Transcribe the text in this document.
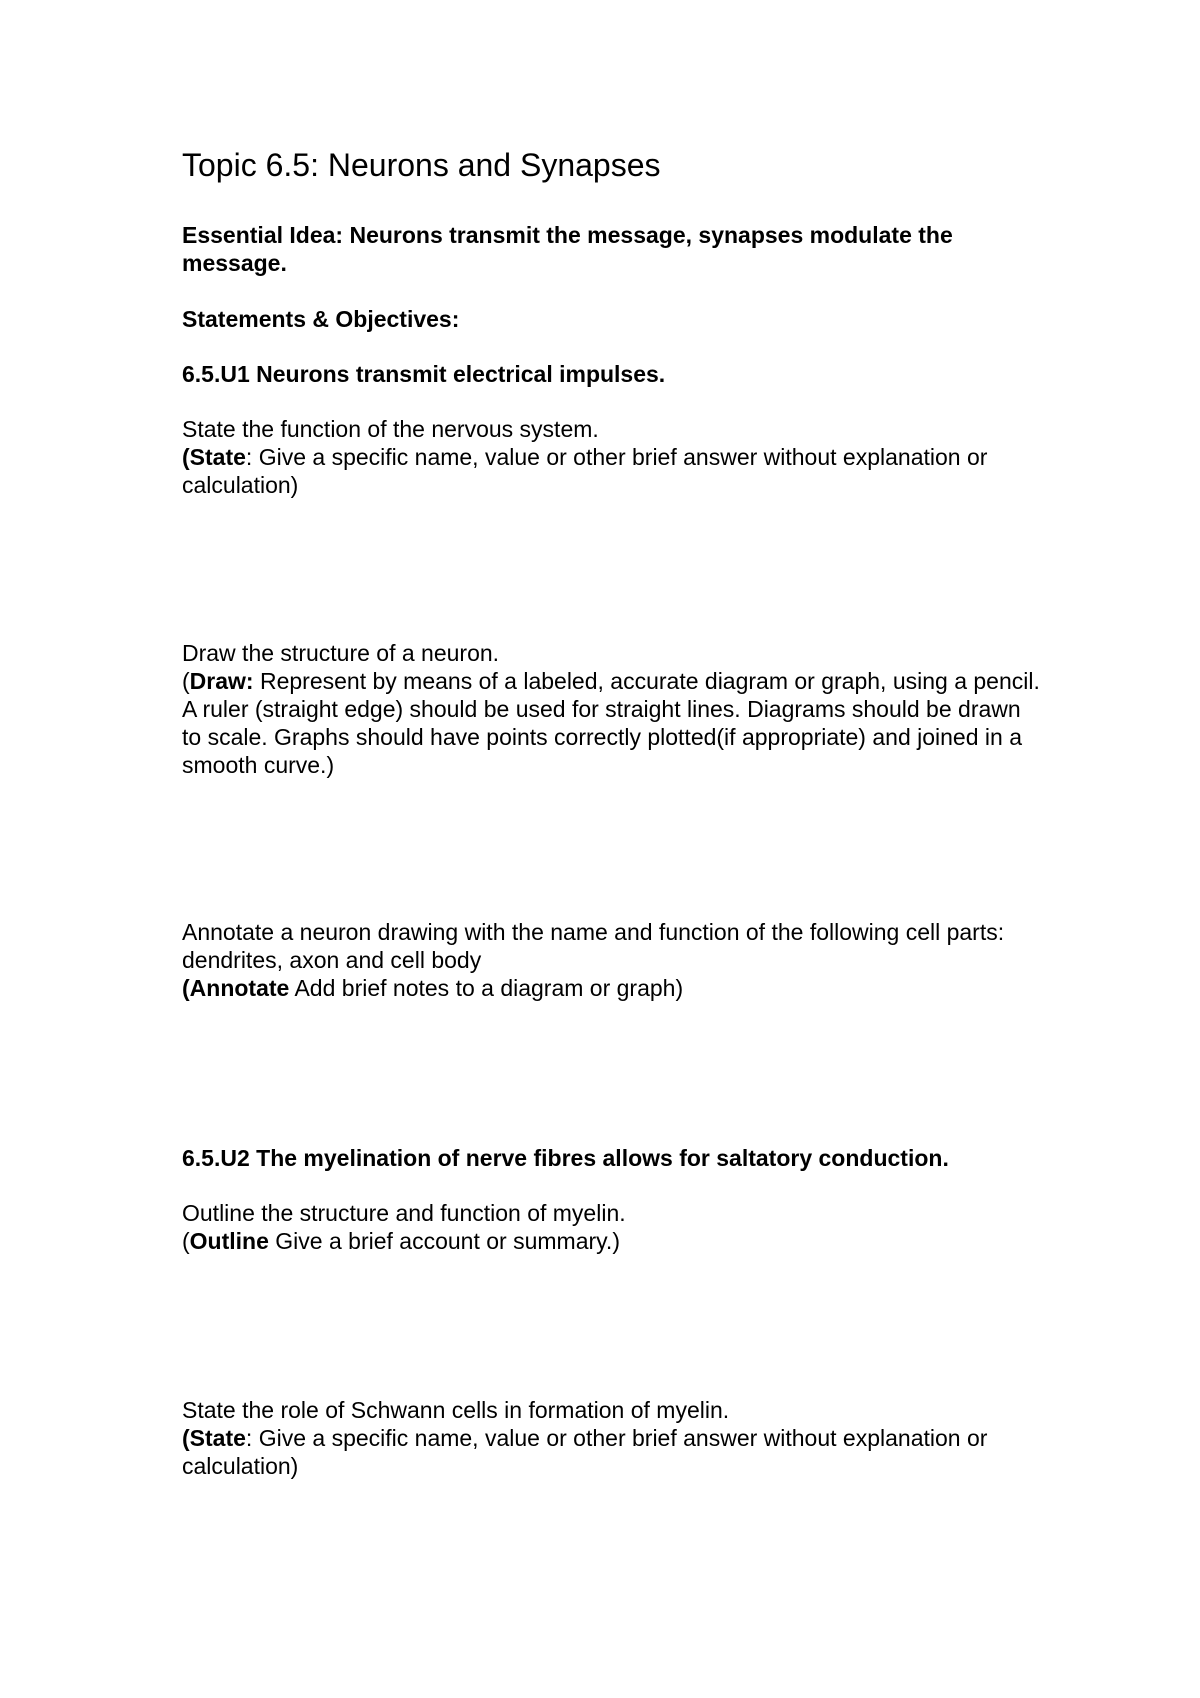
Topic 6.5: Neurons and Synapses

Essential Idea: Neurons transmit the message, synapses modulate the message.

Statements & Objectives:

6.5.U1 Neurons transmit electrical impulses.

State the function of the nervous system.
(State: Give a specific name, value or other brief answer without explanation or calculation)
Draw the structure of a neuron.
(Draw: Represent by means of a labeled, accurate diagram or graph, using a pencil. A ruler (straight edge) should be used for straight lines. Diagrams should be drawn to scale. Graphs should have points correctly plotted(if appropriate) and joined in a smooth curve.)
Annotate a neuron drawing with the name and function of the following cell parts: dendrites, axon and cell body
(Annotate Add brief notes to a diagram or graph)

6.5.U2 The myelination of nerve fibres allows for saltatory conduction.

Outline the structure and function of myelin.
(Outline Give a brief account or summary.)
State the role of Schwann cells in formation of myelin.
(State: Give a specific name, value or other brief answer without explanation or calculation)
